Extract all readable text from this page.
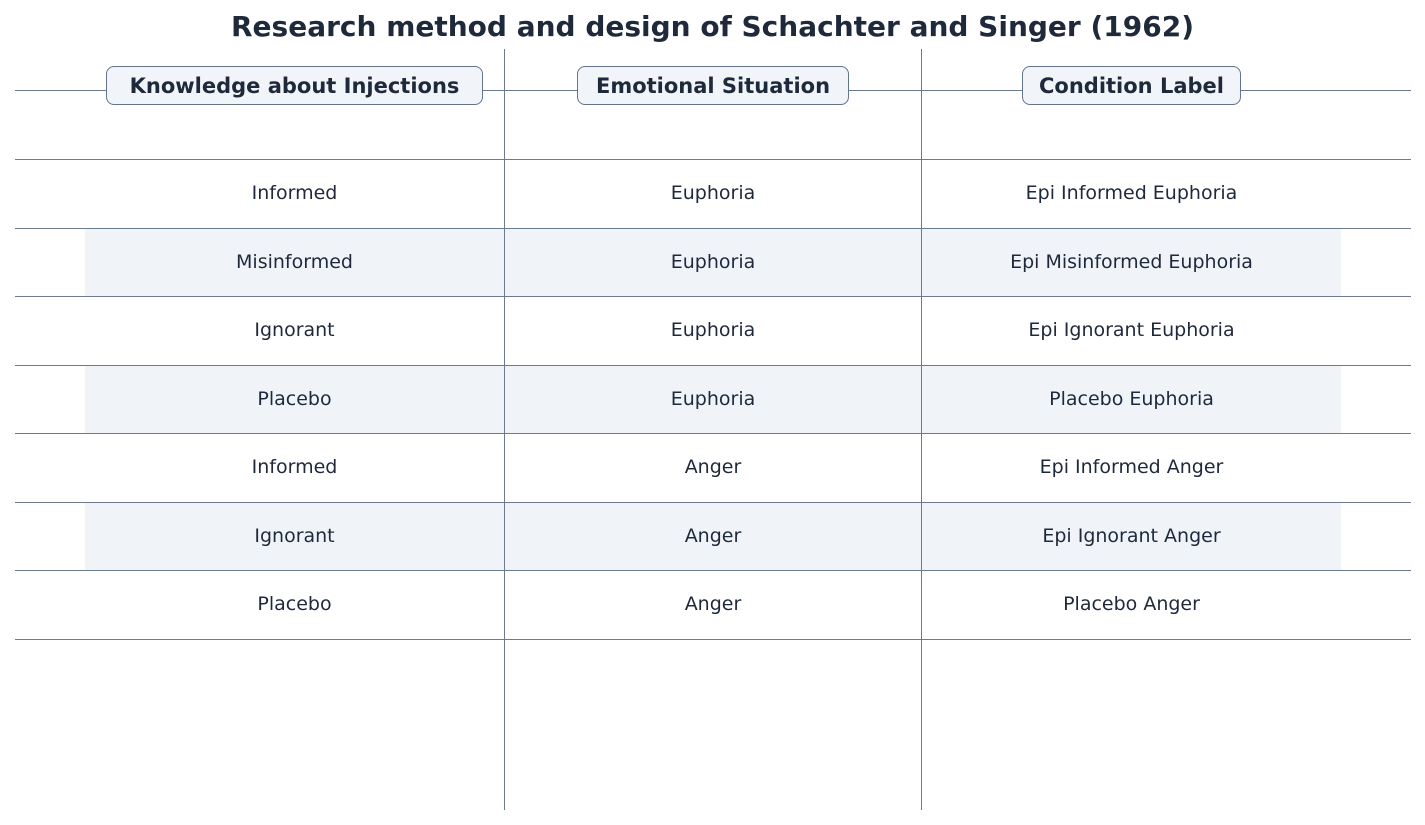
Research method and design of Schachter and Singer (1962)
Knowledge about Injections	Emotional Situation	Condition Label
Informed	Euphoria	Epi Informed Euphoria
Misinformed	Euphoria	Epi Misinformed Euphoria
Ignorant	Euphoria	Epi Ignorant Euphoria
Placebo	Euphoria	Placebo Euphoria
Informed	Anger	Epi Informed Anger
Ignorant	Anger	Epi Ignorant Anger
Placebo	Anger	Placebo Anger
